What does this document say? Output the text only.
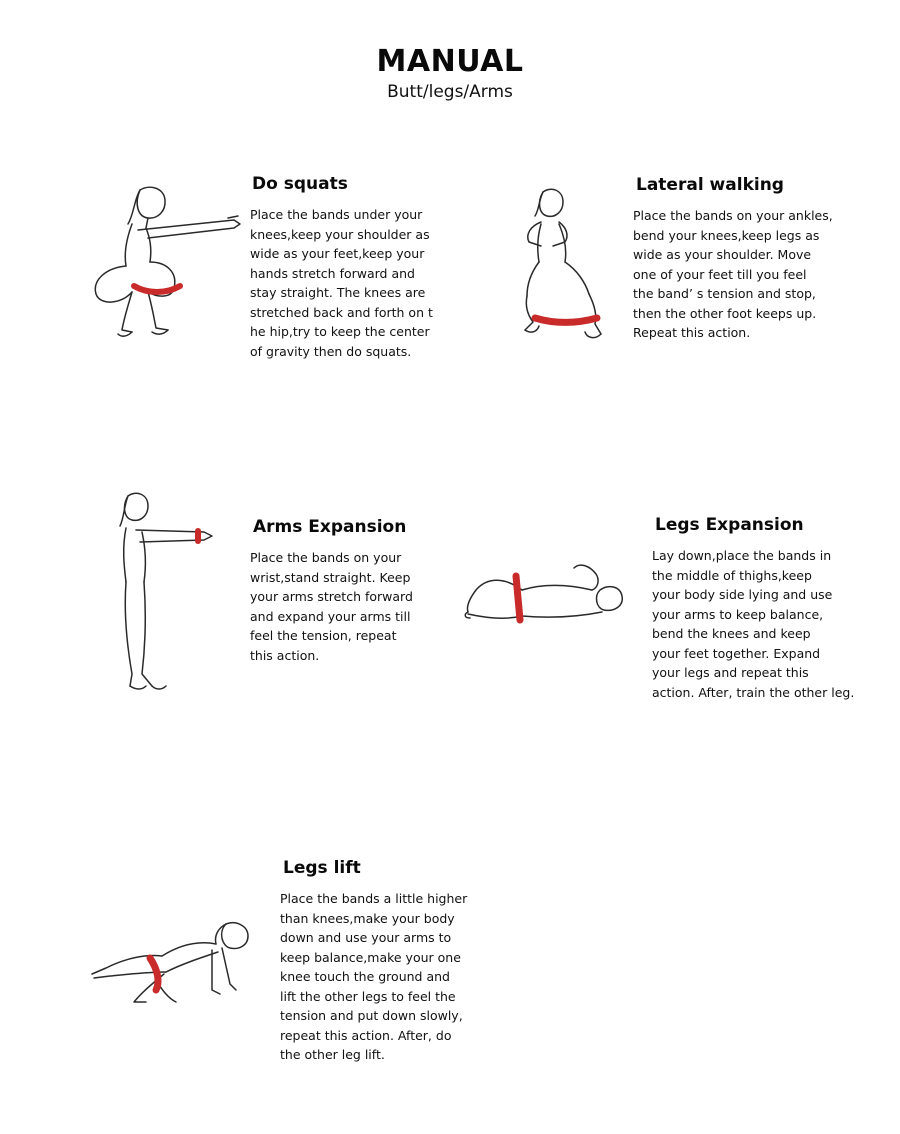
MANUAL
Butt/legs/Arms
Do squats
Place the bands under your
knees,keep your shoulder as
wide as your feet,keep your
hands stretch forward and
stay straight. The knees are
stretched back and forth on t
he hip,try to keep the center
of gravity then do squats.
Lateral walking
Place the bands on your ankles,
bend your knees,keep legs as
wide as your shoulder. Move
one of your feet till you feel
the band’ s tension and stop,
then the other foot keeps up.
Repeat this action.
Arms Expansion
Place the bands on your
wrist,stand straight. Keep
your arms stretch forward
and expand your arms till
feel the tension, repeat
this action.
Legs Expansion
Lay down,place the bands in
the middle of thighs,keep
your body side lying and use
your arms to keep balance,
bend the knees and keep
your feet together. Expand
your legs and repeat this
action. After, train the other leg.
Legs lift
Place the bands a little higher
than knees,make your body
down and use your arms to
keep balance,make your one
knee touch the ground and
lift the other legs to feel the
tension and put down slowly,
repeat this action. After, do
the other leg lift.
